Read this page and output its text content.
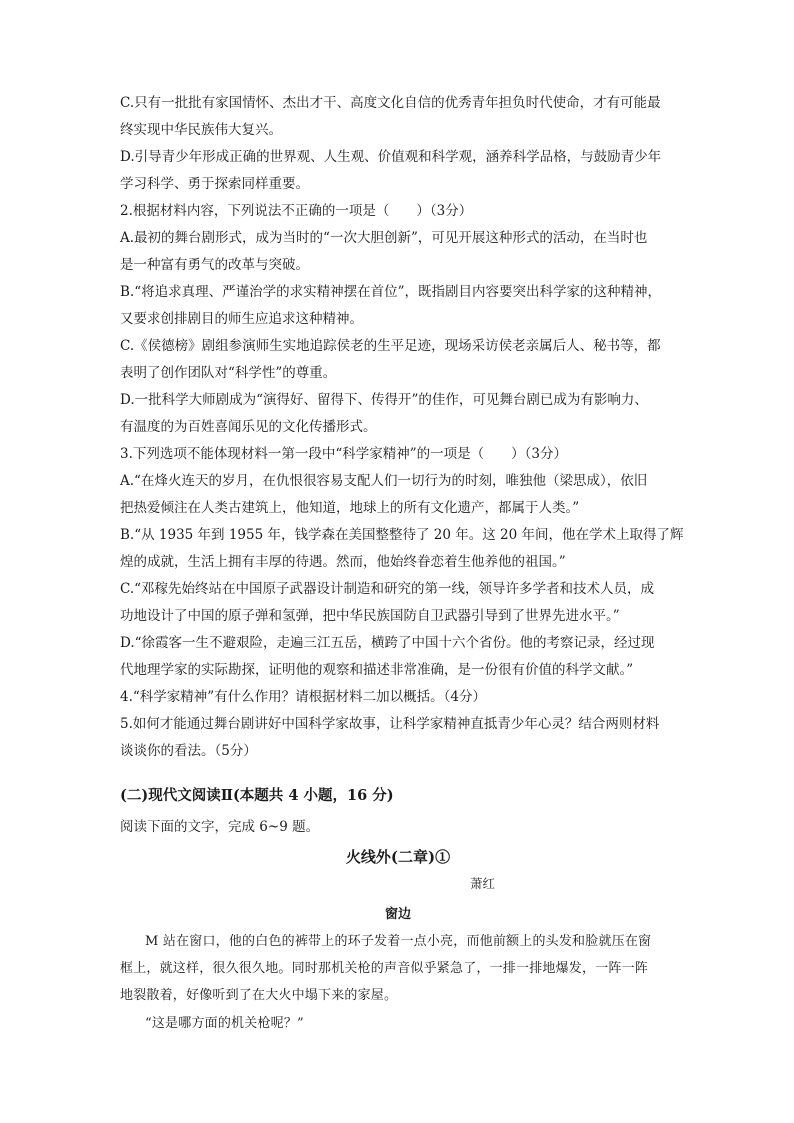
C.只有一批批有家国情怀、杰出才干、高度文化自信的优秀青年担负时代使命，才有可能最
终实现中华民族伟大复兴。
D.引导青少年形成正确的世界观、人生观、价值观和科学观，涵养科学品格，与鼓励青少年
学习科学、勇于探索同样重要。
2.根据材料内容，下列说法不正确的一项是（　　）（3分）
A.最初的舞台剧形式，成为当时的“一次大胆创新”，可见开展这种形式的活动，在当时也
是一种富有勇气的改革与突破。
B.“将追求真理、严谨治学的求实精神摆在首位”，既指剧目内容要突出科学家的这种精神，
又要求创排剧目的师生应追求这种精神。
C.《侯德榜》剧组参演师生实地追踪侯老的生平足迹，现场采访侯老亲属后人、秘书等，都
表明了创作团队对“科学性”的尊重。
D.一批科学大师剧成为“演得好、留得下、传得开”的佳作，可见舞台剧已成为有影响力、
有温度的为百姓喜闻乐见的文化传播形式。
3.下列选项不能体现材料一第一段中“科学家精神”的一项是（　　）（3分）
A.“在烽火连天的岁月，在仇恨很容易支配人们一切行为的时刻，唯独他（梁思成），依旧
把热爱倾注在人类古建筑上，他知道，地球上的所有文化遗产，都属于人类。”
B.“从 1935 年到 1955 年，钱学森在美国整整待了 20 年。这 20 年间，他在学术上取得了辉
煌的成就，生活上拥有丰厚的待遇。然而，他始终眷恋着生他养他的祖国。”
C.“邓稼先始终站在中国原子武器设计制造和研究的第一线，领导许多学者和技术人员，成
功地设计了中国的原子弹和氢弹，把中华民族国防自卫武器引导到了世界先进水平。”
D.“徐霞客一生不避艰险，走遍三江五岳，横跨了中国十六个省份。他的考察记录，经过现
代地理学家的实际勘探，证明他的观察和描述非常准确，是一份很有价值的科学文献。”
4.“科学家精神”有什么作用？请根据材料二加以概括。（4分）
5.如何才能通过舞台剧讲好中国科学家故事，让科学家精神直抵青少年心灵？结合两则材料
谈谈你的看法。（5分）
(二)现代文阅读Ⅱ(本题共 4 小题，16 分)
阅读下面的文字，完成 6~9 题。
火线外(二章)①
萧红
窗边
M 站在窗口，他的白色的裤带上的环子发着一点小亮，而他前额上的头发和脸就压在窗
框上，就这样，很久很久地。同时那机关枪的声音似乎紧急了，一排一排地爆发，一阵一阵
地裂散着，好像听到了在大火中塌下来的家屋。
“这是哪方面的机关枪呢？”
